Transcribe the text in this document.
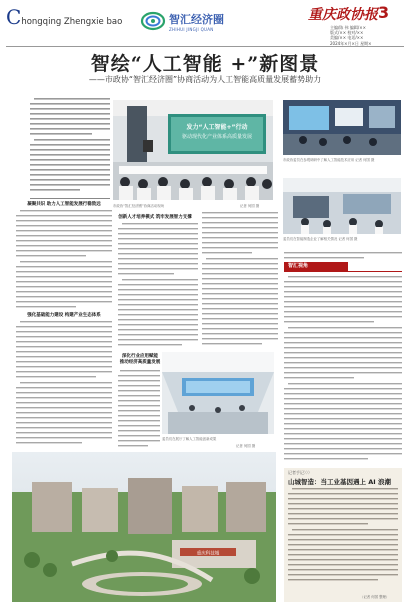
Chongqing Zhengxie bao	智汇经济圈
ZHIHUI JINGJI QUAN
重庆政协报 3
主编/陈 伟 编辑/××
版式/×× 校对/××
美编/×× 电话/××
2024年×月×日 星期×
智绘“人工智能 +”新图景
——市政协“智汇经济圈”协商活动为人工智能高质量发展蓄势助力
凝聚共识 助力人工智能发展行稳致远
强化基础能力建设 构建产业生态体系
发力“人工智能+”行动
驱动现代化产业体系高质量发展
市政协“智汇经济圈”协商活动现场	记者 何国 摄
市政协委员在参观调研中了解人工智能技术应用 记者 何国 摄
委员们在智能制造企业了解相关情况 记者 何国 摄
创新人才培养模式 筑牢发展智力支撑
深化行业应用赋能
推动经济高质量发展
委员们在展厅了解人工智能创新成果
记者 何国 摄
智汇视角
重庆科技城
记者手记〉〉〉
山城智造：当工业基因遇上 AI 浪潮
（记者 何国 整理）
